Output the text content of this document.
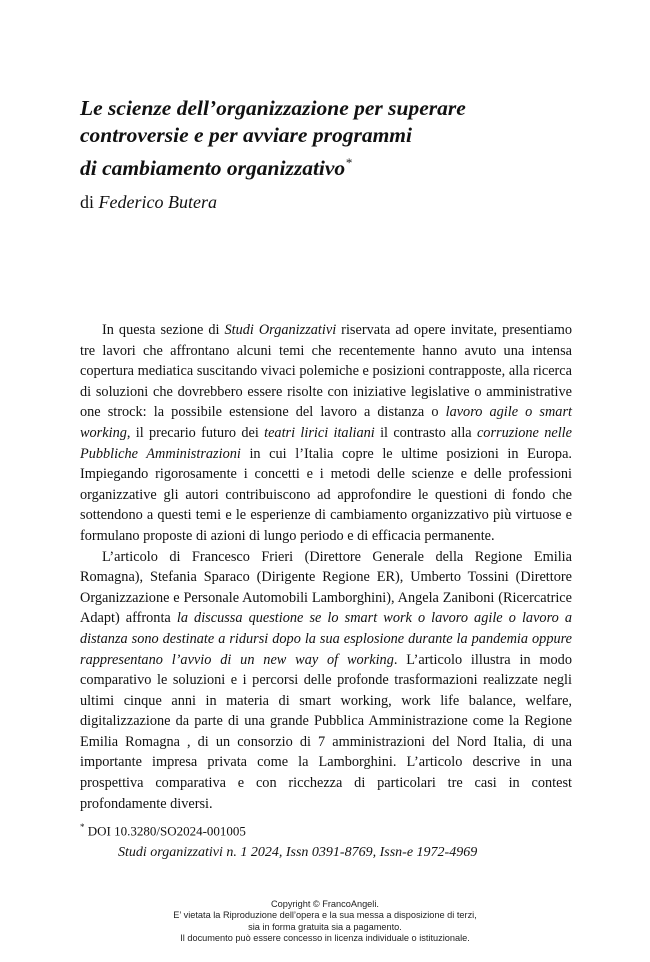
Le scienze dell’organizzazione per superare
controversie e per avviare programmi
di cambiamento organizzativo*
di Federico Butera

In questa sezione di Studi Organizzativi riservata ad opere invitate, presentiamo tre lavori che affrontano alcuni temi che recentemente hanno avuto una intensa copertura mediatica suscitando vivaci polemiche e posizioni contrapposte, alla ricerca di soluzioni che dovrebbero essere risolte con iniziative legislative o amministrative one strock: la possibile estensione del lavoro a distanza o lavoro agile o smart working, il precario futuro dei teatri lirici italiani il contrasto alla corruzione nelle Pubbliche Amministrazioni in cui l’Italia copre le ultime posizioni in Europa. Impiegando rigorosamente i concetti e i metodi delle scienze e delle professioni organizzative gli autori contribuiscono ad approfondire le questioni di fondo che sottendono a questi temi e le esperienze di cambiamento organizzativo più virtuose e formulano proposte di azioni di lungo periodo e di efficacia permanente.

L’articolo di Francesco Frieri (Direttore Generale della Regione Emilia Romagna), Stefania Sparaco (Dirigente Regione ER), Umberto Tossini (Direttore Organizzazione e Personale Automobili Lamborghini), Angela Zaniboni (Ricercatrice Adapt) affronta la discussa questione se lo smart work o lavoro agile o lavoro a distanza sono destinate a ridursi dopo la sua esplosione durante la pandemia oppure rappresentano l’avvio di un new way of working. L’articolo illustra in modo comparativo le soluzioni e i percorsi delle profonde trasformazioni realizzate negli ultimi cinque anni in materia di smart working, work life balance, welfare, digitalizzazione da parte di una grande Pubblica Amministrazione come la Regione Emilia Romagna , di un consorzio di 7 amministrazioni del Nord Italia, di una importante impresa privata come la Lamborghini. L’articolo descrive in una prospettiva comparativa e con ricchezza di particolari tre casi in contest profondamente diversi.

* DOI 10.3280/SO2024-001005
Studi organizzativi n. 1 2024, Issn 0391-8769, Issn-e 1972-4969
Copyright © FrancoAngeli.
E’ vietata la Riproduzione dell’opera e la sua messa a disposizione di terzi,
sia in forma gratuita sia a pagamento.
Il documento può essere concesso in licenza individuale o istituzionale.
